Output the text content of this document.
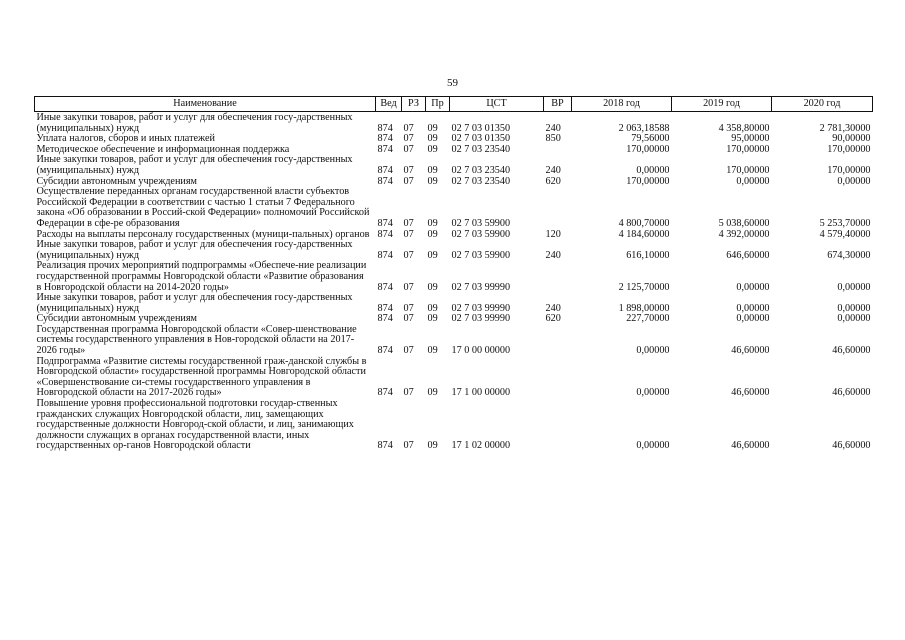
59
Наименование	Вед	РЗ	Пр	ЦСТ	ВР	2018 год	2019 год	2020 год
Иные закупки товаров, работ и услуг для обеспечения госу-дарственных (муниципальных) нужд	874	07	09	02 7 03 01350	240	2 063,18588	4 358,80000	2 781,30000
Уплата налогов, сборов и иных платежей	874	07	09	02 7 03 01350	850	79,56000	95,00000	90,00000
Методическое обеспечение и информационная поддержка	874	07	09	02 7 03 23540		170,00000	170,00000	170,00000
Иные закупки товаров, работ и услуг для обеспечения госу-дарственных (муниципальных) нужд	874	07	09	02 7 03 23540	240	0,00000	170,00000	170,00000
Субсидии автономным учреждениям	874	07	09	02 7 03 23540	620	170,00000	0,00000	0,00000
Осуществление переданных органам государственной власти субъектов Российской Федерации в соответствии с частью 1 статьи 7 Федерального закона «Об образовании в Россий-ской Федерации» полномочий Российской Федерации в сфе-ре образования	874	07	09	02 7 03 59900		4 800,70000	5 038,60000	5 253,70000
Расходы на выплаты персоналу государственных (муници-пальных) органов	874	07	09	02 7 03 59900	120	4 184,60000	4 392,00000	4 579,40000
Иные закупки товаров, работ и услуг для обеспечения госу-дарственных (муниципальных) нужд	874	07	09	02 7 03 59900	240	616,10000	646,60000	674,30000
Реализация прочих мероприятий подпрограммы «Обеспече-ние реализации государственной программы Новгородской области «Развитие образования в Новгородской области на 2014-2020 годы»	874	07	09	02 7 03 99990		2 125,70000	0,00000	0,00000
Иные закупки товаров, работ и услуг для обеспечения госу-дарственных (муниципальных) нужд	874	07	09	02 7 03 99990	240	1 898,00000	0,00000	0,00000
Субсидии автономным учреждениям	874	07	09	02 7 03 99990	620	227,70000	0,00000	0,00000
Государственная программа Новгородской области «Совер-шенствование системы государственного управления в Нов-городской области на 2017-2026 годы»	874	07	09	17 0 00 00000		0,00000	46,60000	46,60000
Подпрограмма «Развитие системы государственной граж-данской службы в Новгородской области» государственной программы Новгородской области «Совершенствование си-стемы государственного управления в Новгородской области на 2017-2026 годы»	874	07	09	17 1 00 00000		0,00000	46,60000	46,60000
Повышение уровня профессиональной подготовки государ-ственных гражданских служащих Новгородской области, лиц, замещающих государственные должности Новгород-ской области, и лиц, занимающих должности служащих в органах государственной власти, иных государственных ор-ганов Новгородской области	874	07	09	17 1 02 00000		0,00000	46,60000	46,60000
